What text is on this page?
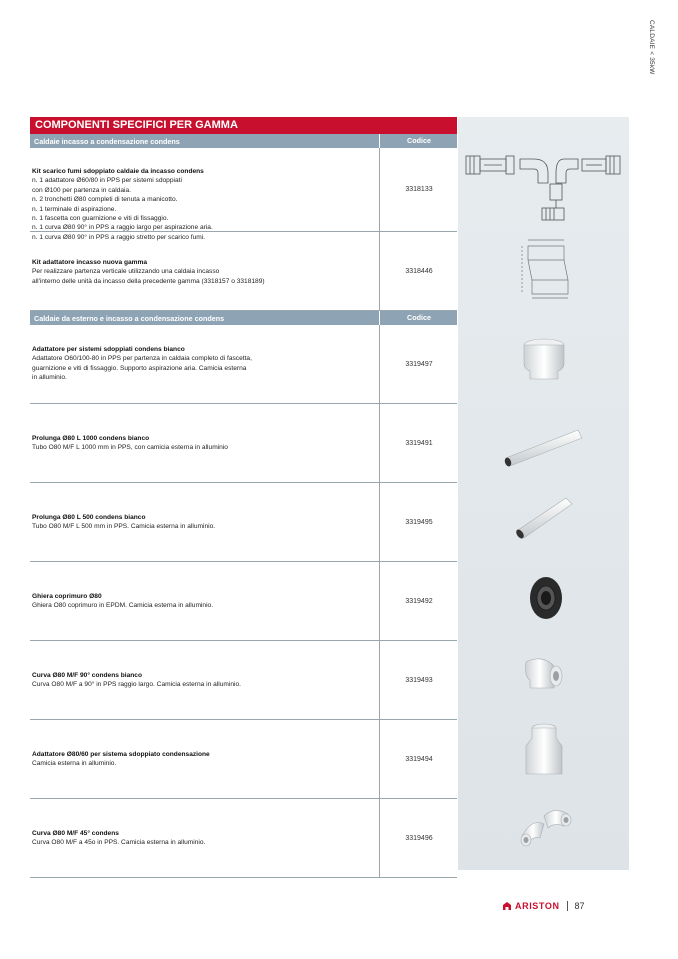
CALDAIE < 35kW
COMPONENTI SPECIFICI PER GAMMA
Caldaie incasso a condensazione condens	Codice
Kit scarico fumi sdoppiato caldaie da incasso condens
n. 1 adattatore Ø60/80 in PPS per sistemi sdoppiati
con Ø100 per partenza in caldaia.
n. 2 tronchetti Ø80 completi di tenuta a manicotto.
n. 1 terminale di aspirazione.
n. 1 fascetta con guarnizione e viti di fissaggio.
n. 1 curva Ø80 90° in PPS a raggio largo per aspirazione aria.
n. 1 curva Ø80 90° in PPS a raggio stretto per scarico fumi.
3318133
Kit adattatore incasso nuova gamma
Per realizzare partenza verticale utilizzando una caldaia incasso
all'interno delle unità da incasso della precedente gamma (3318157 o 3318189)
3318446
Caldaie da esterno e incasso a condensazione condens	Codice
Adattatore per sistemi sdoppiati condens bianco
Adattatore O60/100-80 in PPS per partenza in caldaia completo di fascetta,
guarnizione e viti di fissaggio. Supporto aspirazione aria. Camicia esterna
in alluminio.
3319497
Prolunga Ø80 L 1000 condens bianco
Tubo O80 M/F L 1000 mm in PPS, con camicia esterna in alluminio
3319491
Prolunga Ø80 L 500 condens bianco
Tubo O80 M/F L 500 mm in PPS. Camicia esterna in alluminio.
3319495
Ghiera coprimuro Ø80
Ghiera O80 coprimuro in EPDM. Camicia esterna in alluminio.
3319492
Curva Ø80 M/F 90° condens bianco
Curva O80 M/F a 90° in PPS raggio largo. Camicia esterna in alluminio.
3319493
Adattatore Ø80/60 per sistema sdoppiato condensazione
Camicia esterna in alluminio.
3319494
Curva Ø80 M/F 45° condens
Curva O80 M/F a 45o in PPS. Camicia esterna in alluminio.
3319496
ARISTON 87
